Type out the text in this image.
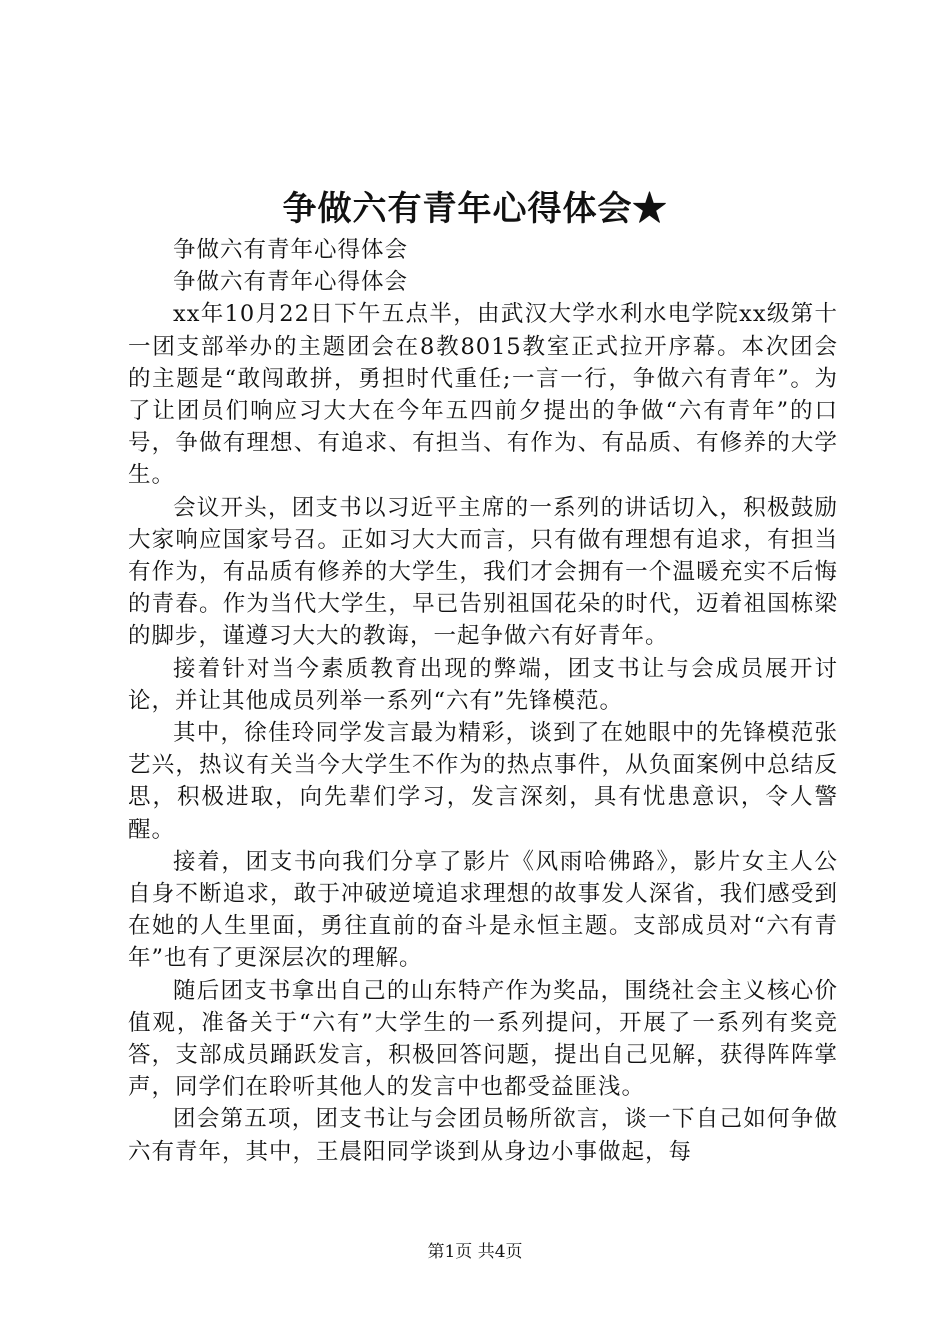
争做六有青年心得体会★

争做六有青年心得体会

争做六有青年心得体会

xx年10月22日下午五点半，由武汉大学水利水电学院xx级第十一团支部举办的主题团会在8教8015教室正式拉开序幕。本次团会的主题是“敢闯敢拼，勇担时代重任;一言一行，争做六有青年”。为了让团员们响应习大大在今年五四前夕提出的争做“六有青年”的口号，争做有理想、有追求、有担当、有作为、有品质、有修养的大学生。

会议开头，团支书以习近平主席的一系列的讲话切入，积极鼓励大家响应国家号召。正如习大大而言，只有做有理想有追求，有担当有作为，有品质有修养的大学生，我们才会拥有一个温暖充实不后悔的青春。作为当代大学生，早已告别祖国花朵的时代，迈着祖国栋梁的脚步，谨遵习大大的教诲，一起争做六有好青年。

接着针对当今素质教育出现的弊端，团支书让与会成员展开讨论，并让其他成员列举一系列“六有”先锋模范。

其中，徐佳玲同学发言最为精彩，谈到了在她眼中的先锋模范张艺兴，热议有关当今大学生不作为的热点事件，从负面案例中总结反思，积极进取，向先辈们学习，发言深刻，具有忧患意识，令人警醒。

接着，团支书向我们分享了影片《风雨哈佛路》，影片女主人公自身不断追求，敢于冲破逆境追求理想的故事发人深省，我们感受到在她的人生里面，勇往直前的奋斗是永恒主题。支部成员对“六有青年”也有了更深层次的理解。

随后团支书拿出自己的山东特产作为奖品，围绕社会主义核心价值观，准备关于“六有”大学生的一系列提问，开展了一系列有奖竞答，支部成员踊跃发言，积极回答问题，提出自己见解，获得阵阵掌声，同学们在聆听其他人的发言中也都受益匪浅。

团会第五项，团支书让与会团员畅所欲言，谈一下自己如何争做六有青年，其中，王晨阳同学谈到从身边小事做起，每

第1页 共4页
